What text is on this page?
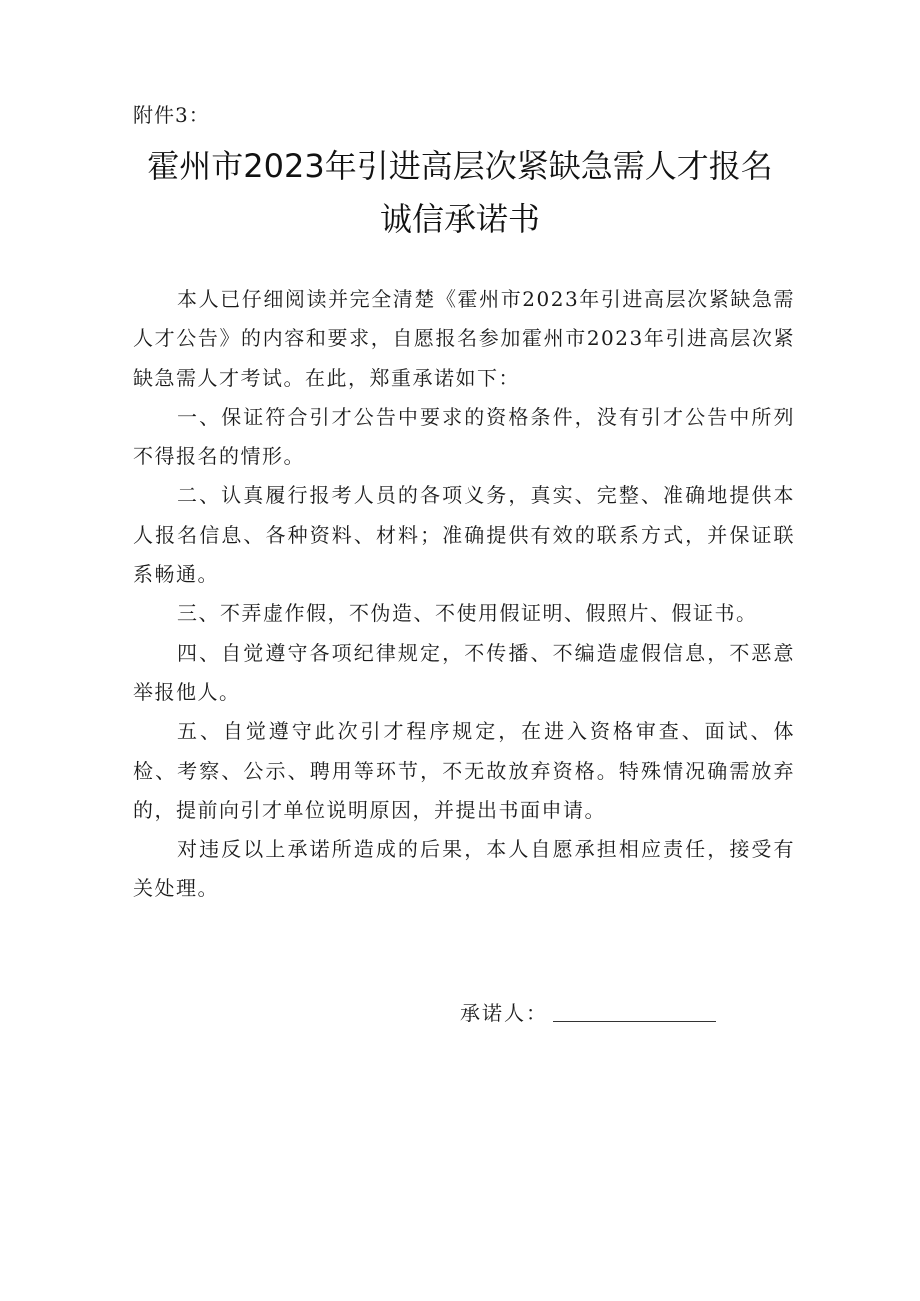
附件3：
霍州市2023年引进高层次紧缺急需人才报名
诚信承诺书

本人已仔细阅读并完全清楚《霍州市2023年引进高层次紧缺急需人才公告》的内容和要求，自愿报名参加霍州市2023年引进高层次紧缺急需人才考试。在此，郑重承诺如下：

一、保证符合引才公告中要求的资格条件，没有引才公告中所列不得报名的情形。

二、认真履行报考人员的各项义务，真实、完整、准确地提供本人报名信息、各种资料、材料；准确提供有效的联系方式，并保证联系畅通。

三、不弄虚作假，不伪造、不使用假证明、假照片、假证书。

四、自觉遵守各项纪律规定，不传播、不编造虚假信息，不恶意举报他人。

五、自觉遵守此次引才程序规定，在进入资格审查、面试、体检、考察、公示、聘用等环节，不无故放弃资格。特殊情况确需放弃的，提前向引才单位说明原因，并提出书面申请。

对违反以上承诺所造成的后果，本人自愿承担相应责任，接受有关处理。

承诺人：
